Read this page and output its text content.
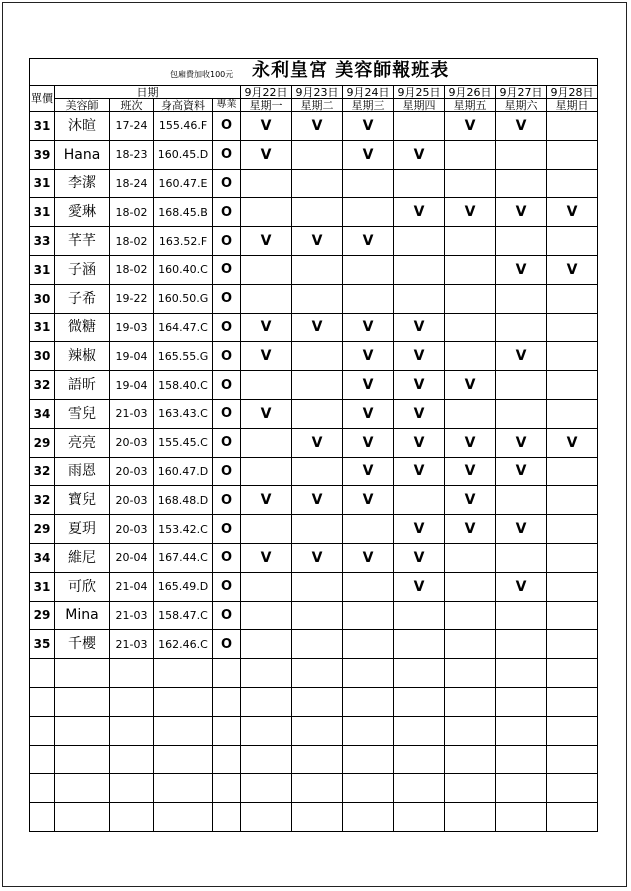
包廂費加收100元 永利皇宮 美容師報班表											

單價	日期				9月22日	9月23日	9月24日	9月25日	9月26日	9月27日	9月28日
	美容師	班次	身高資料	專業	星期一	星期二	星期三	星期四	星期五	星期六	星期日
31	沐暄	17-24	155.46.F	O	V	V	V		V	V	
39	Hana	18-23	160.45.D	O	V		V	V			
31	李潔	18-24	160.47.E	O							
31	愛琳	18-02	168.45.B	O				V	V	V	V
33	芊芊	18-02	163.52.F	O	V	V	V				
31	子涵	18-02	160.40.C	O						V	V
30	子希	19-22	160.50.G	O							
31	微糖	19-03	164.47.C	O	V	V	V	V			
30	辣椒	19-04	165.55.G	O	V		V	V		V	
32	語昕	19-04	158.40.C	O			V	V	V		
34	雪兒	21-03	163.43.C	O	V		V	V			
29	亮亮	20-03	155.45.C	O		V	V	V	V	V	V
32	雨恩	20-03	160.47.D	O			V	V	V	V	
32	寶兒	20-03	168.48.D	O	V	V	V		V		
29	夏玥	20-03	153.42.C	O				V	V	V	
34	維尼	20-04	167.44.C	O	V	V	V	V			
31	可欣	21-04	165.49.D	O				V		V	
29	Mina	21-03	158.47.C	O							
35	千櫻	21-03	162.46.C	O							
